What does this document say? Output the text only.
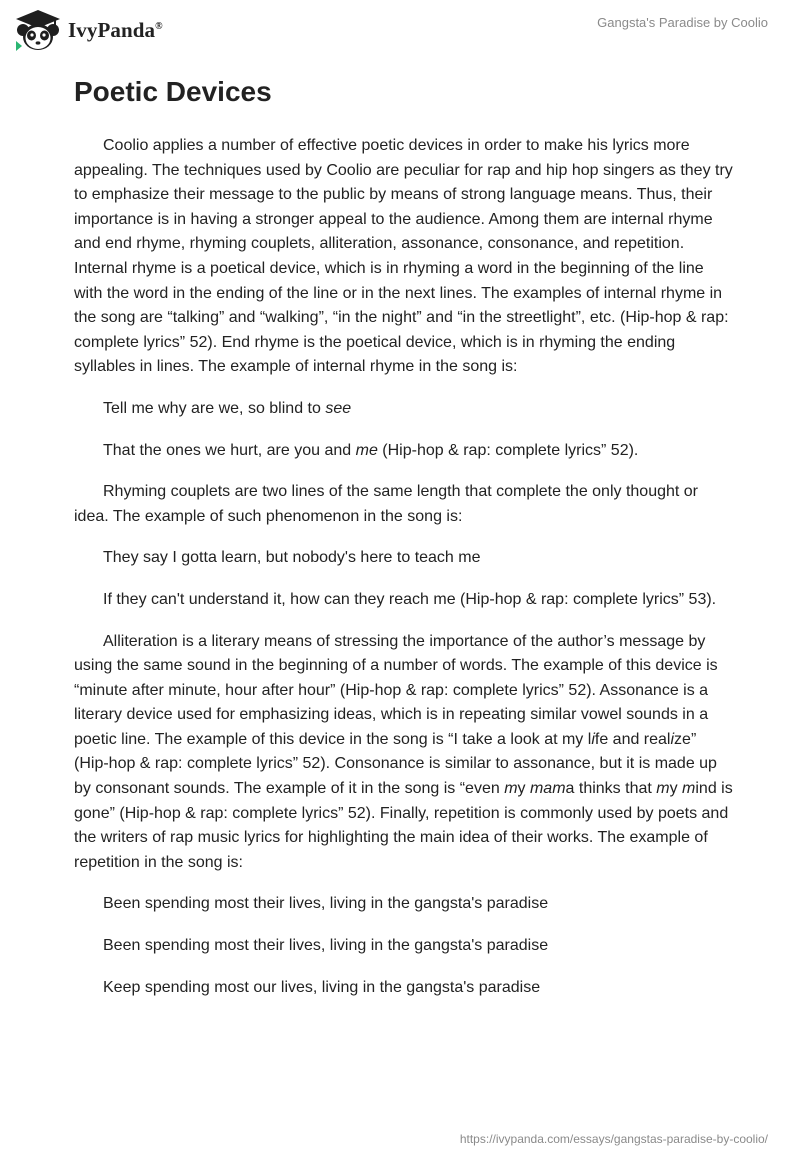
IvyPanda®	Gangsta's Paradise by Coolio
Poetic Devices

Coolio applies a number of effective poetic devices in order to make his lyrics more appealing. The techniques used by Coolio are peculiar for rap and hip hop singers as they try to emphasize their message to the public by means of strong language means. Thus, their importance is in having a stronger appeal to the audience. Among them are internal rhyme and end rhyme, rhyming couplets, alliteration, assonance, consonance, and repetition. Internal rhyme is a poetical device, which is in rhyming a word in the beginning of the line with the word in the ending of the line or in the next lines. The examples of internal rhyme in the song are “talking” and “walking”, “in the night” and “in the streetlight”, etc. (Hip-hop & rap: complete lyrics” 52). End rhyme is the poetical device, which is in rhyming the ending syllables in lines. The example of internal rhyme in the song is:

Tell me why are we, so blind to see

That the ones we hurt, are you and me (Hip-hop & rap: complete lyrics” 52).

Rhyming couplets are two lines of the same length that complete the only thought or idea. The example of such phenomenon in the song is:

They say I gotta learn, but nobody's here to teach me

If they can't understand it, how can they reach me (Hip-hop & rap: complete lyrics” 53).

Alliteration is a literary means of stressing the importance of the author’s message by using the same sound in the beginning of a number of words. The example of this device is “minute after minute, hour after hour” (Hip-hop & rap: complete lyrics” 52). Assonance is a literary device used for emphasizing ideas, which is in repeating similar vowel sounds in a poetic line. The example of this device in the song is “I take a look at my life and realize” (Hip-hop & rap: complete lyrics” 52). Consonance is similar to assonance, but it is made up by consonant sounds. The example of it in the song is “even my mama thinks that my mind is gone” (Hip-hop & rap: complete lyrics” 52). Finally, repetition is commonly used by poets and the writers of rap music lyrics for highlighting the main idea of their works. The example of repetition in the song is:

Been spending most their lives, living in the gangsta's paradise

Been spending most their lives, living in the gangsta's paradise

Keep spending most our lives, living in the gangsta's paradise

https://ivypanda.com/essays/gangstas-paradise-by-coolio/
